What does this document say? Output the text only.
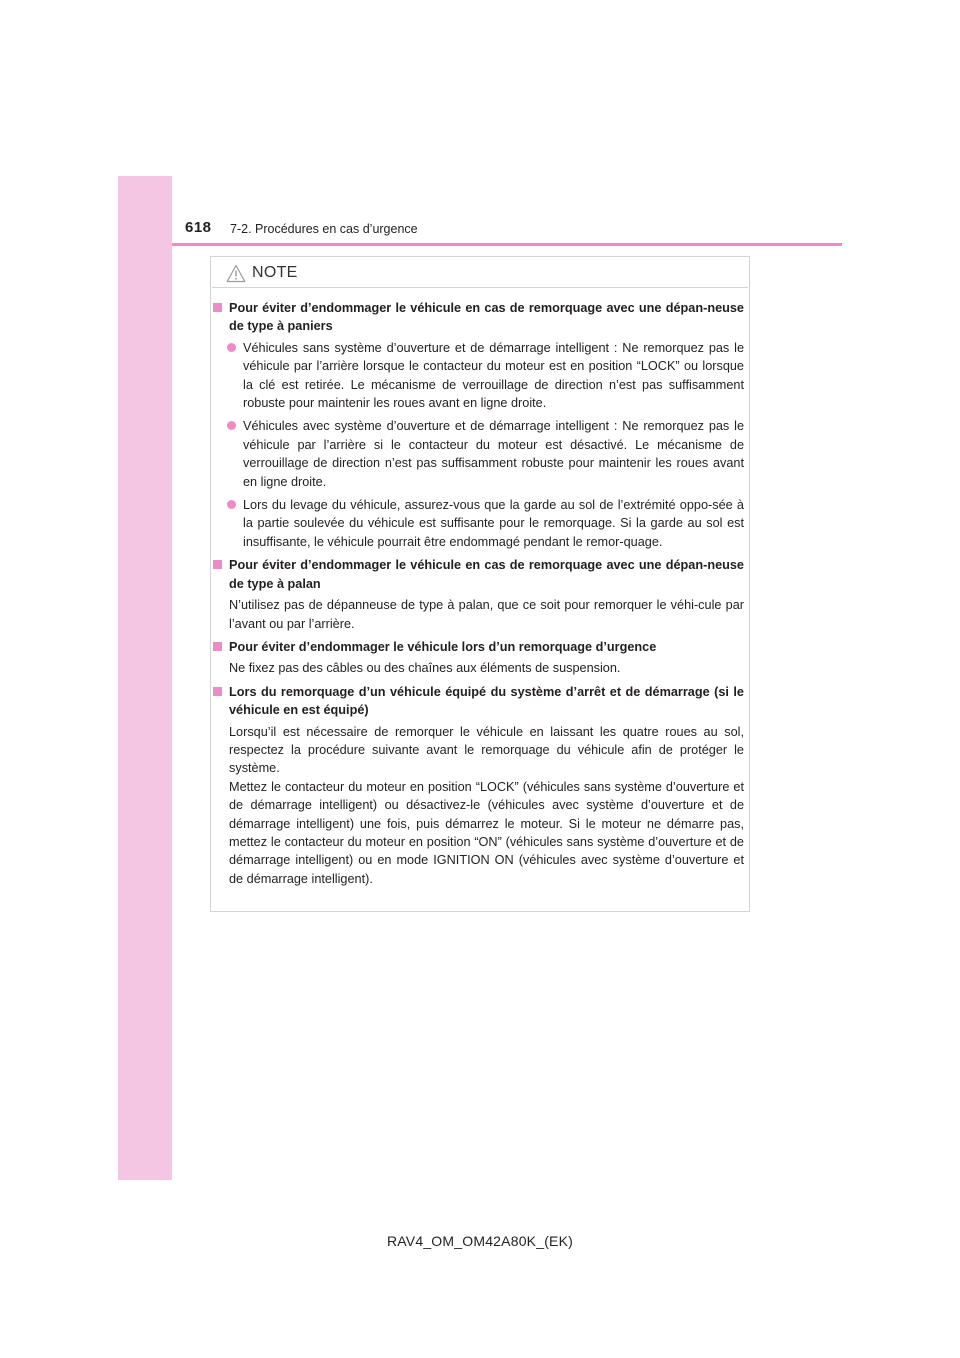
618 7-2. Procédures en cas d’urgence
NOTE
Pour éviter d’endommager le véhicule en cas de remorquage avec une dépan-neuse de type à paniers
Véhicules sans système d’ouverture et de démarrage intelligent : Ne remorquez pas le véhicule par l’arrière lorsque le contacteur du moteur est en position “LOCK” ou lorsque la clé est retirée. Le mécanisme de verrouillage de direction n’est pas suffisamment robuste pour maintenir les roues avant en ligne droite.
Véhicules avec système d’ouverture et de démarrage intelligent : Ne remorquez pas le véhicule par l’arrière si le contacteur du moteur est désactivé. Le mécanisme de verrouillage de direction n’est pas suffisamment robuste pour maintenir les roues avant en ligne droite.
Lors du levage du véhicule, assurez-vous que la garde au sol de l’extrémité oppo-sée à la partie soulevée du véhicule est suffisante pour le remorquage. Si la garde au sol est insuffisante, le véhicule pourrait être endommagé pendant le remor-quage.
Pour éviter d’endommager le véhicule en cas de remorquage avec une dépan-neuse de type à palan
N’utilisez pas de dépanneuse de type à palan, que ce soit pour remorquer le véhi-cule par l’avant ou par l’arrière.
Pour éviter d’endommager le véhicule lors d’un remorquage d’urgence
Ne fixez pas des câbles ou des chaînes aux éléments de suspension.
Lors du remorquage d’un véhicule équipé du système d’arrêt et de démarrage (si le véhicule en est équipé)
Lorsqu’il est nécessaire de remorquer le véhicule en laissant les quatre roues au sol, respectez la procédure suivante avant le remorquage du véhicule afin de protéger le système.
Mettez le contacteur du moteur en position “LOCK” (véhicules sans système d’ouverture et de démarrage intelligent) ou désactivez-le (véhicules avec système d’ouverture et de démarrage intelligent) une fois, puis démarrez le moteur. Si le moteur ne démarre pas, mettez le contacteur du moteur en position “ON” (véhicules sans système d’ouverture et de démarrage intelligent) ou en mode IGNITION ON (véhicules avec système d’ouverture et de démarrage intelligent).
RAV4_OM_OM42A80K_(EK)
